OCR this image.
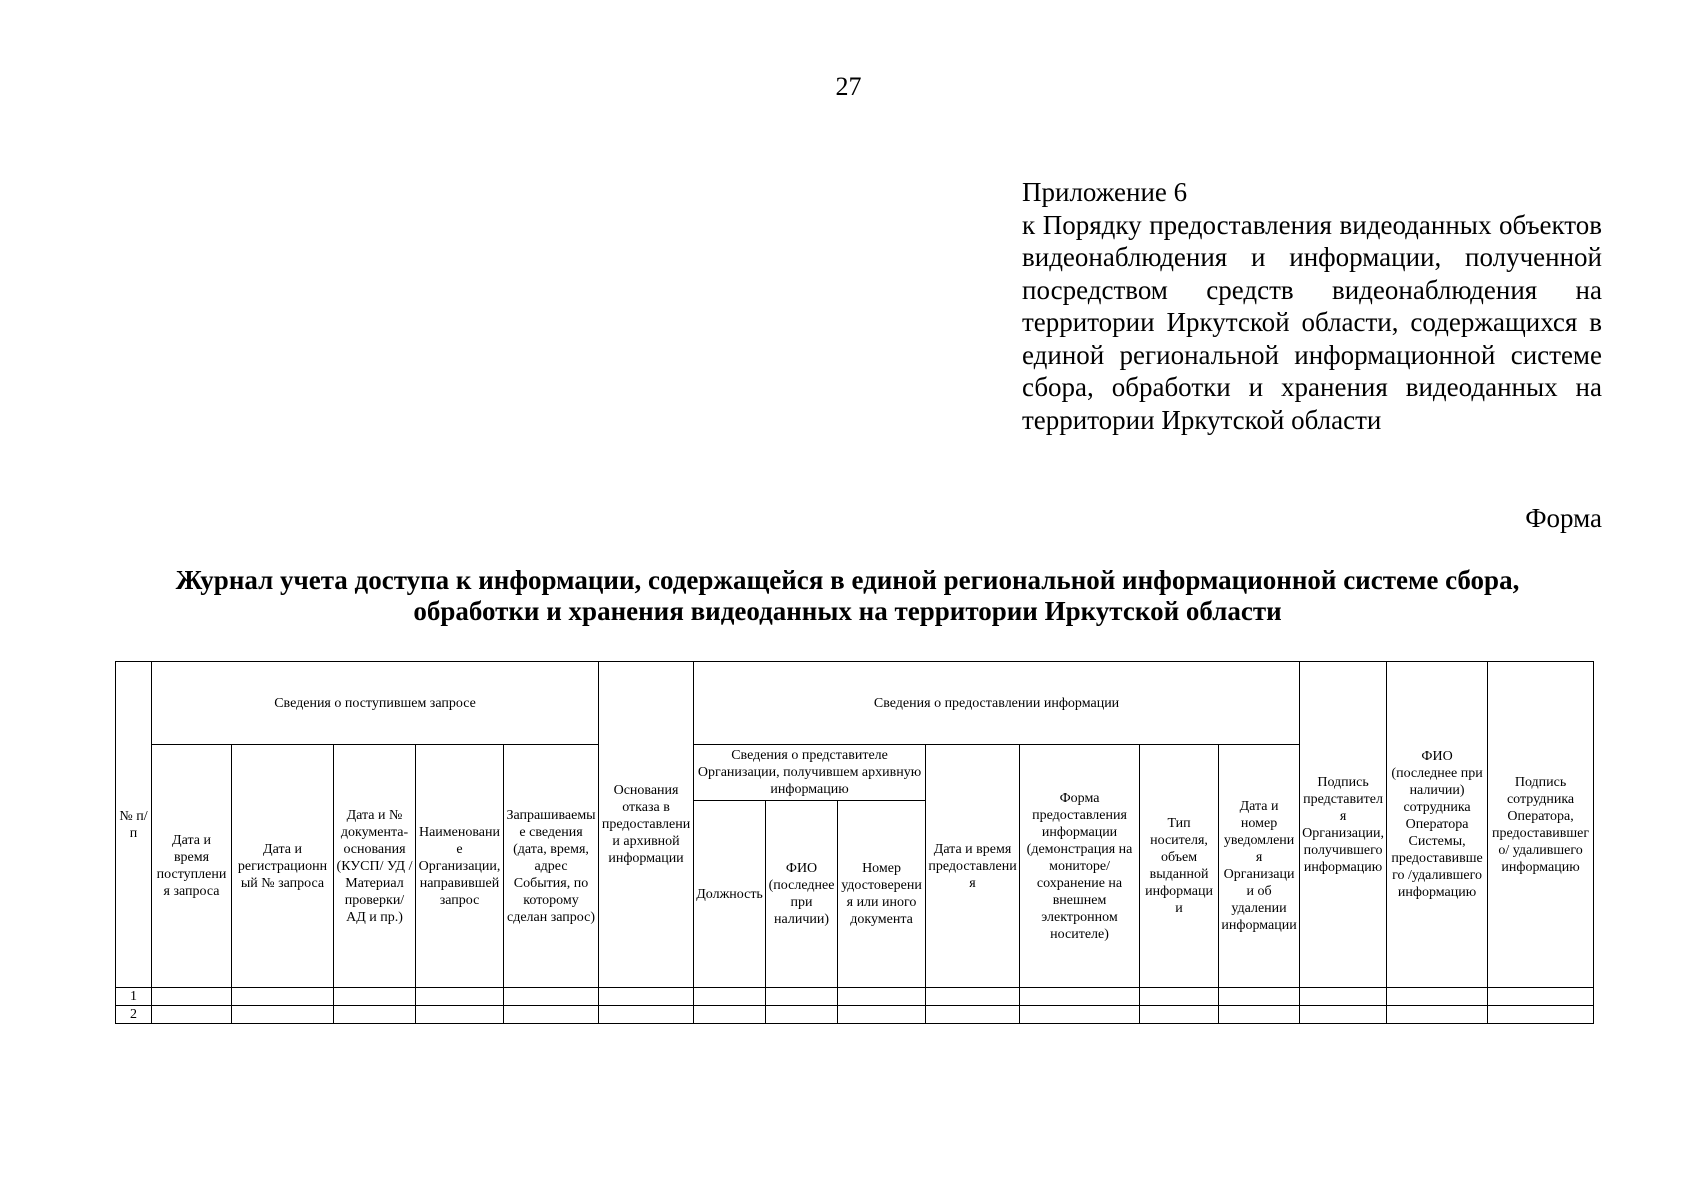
27
Приложение 6
к Порядку предоставления видеоданных объектов видеонаблюдения и информации, полученной посредством средств видеонаблюдения на территории Иркутской области, содержащихся в единой региональной информационной системе сбора, обработки и хранения видеоданных на территории Иркутской области
Форма
Журнал учета доступа к информации, содержащейся в единой региональной информационной системе сбора, обработки и хранения видеоданных на территории Иркутской области
№ п/п	Сведения о поступившем запросе					Основания отказа в предоставлении архивной информации	Сведения о предоставлении информации							Подпись представителя Организации, получившего информацию	ФИО (последнее при наличии) сотрудника Оператора Системы, предоставившего /удалившего информацию	Подпись сотрудника Оператора, предоставившего/ удалившего информацию
	Дата и время поступления запроса	Дата и регистрационный № запроса	Дата и № документа-основания (КУСП/ УД /Материал проверки/АД и пр.)	Наименование Организации, направившей запрос	Запрашиваемые сведения (дата, время, адрес События, по которому сделан запрос)		Сведения о представителе Организации, получившем архивную информацию			Дата и время предоставления	Форма предоставления информации (демонстрация на мониторе/сохранение на внешнем электронном носителе)	Тип носителя, объем выданной информации	Дата и номер уведомления Организации об удалении информации			
							Должность	ФИО (последнее при наличии)	Номер удостоверения или иного документа							
1																
2																
